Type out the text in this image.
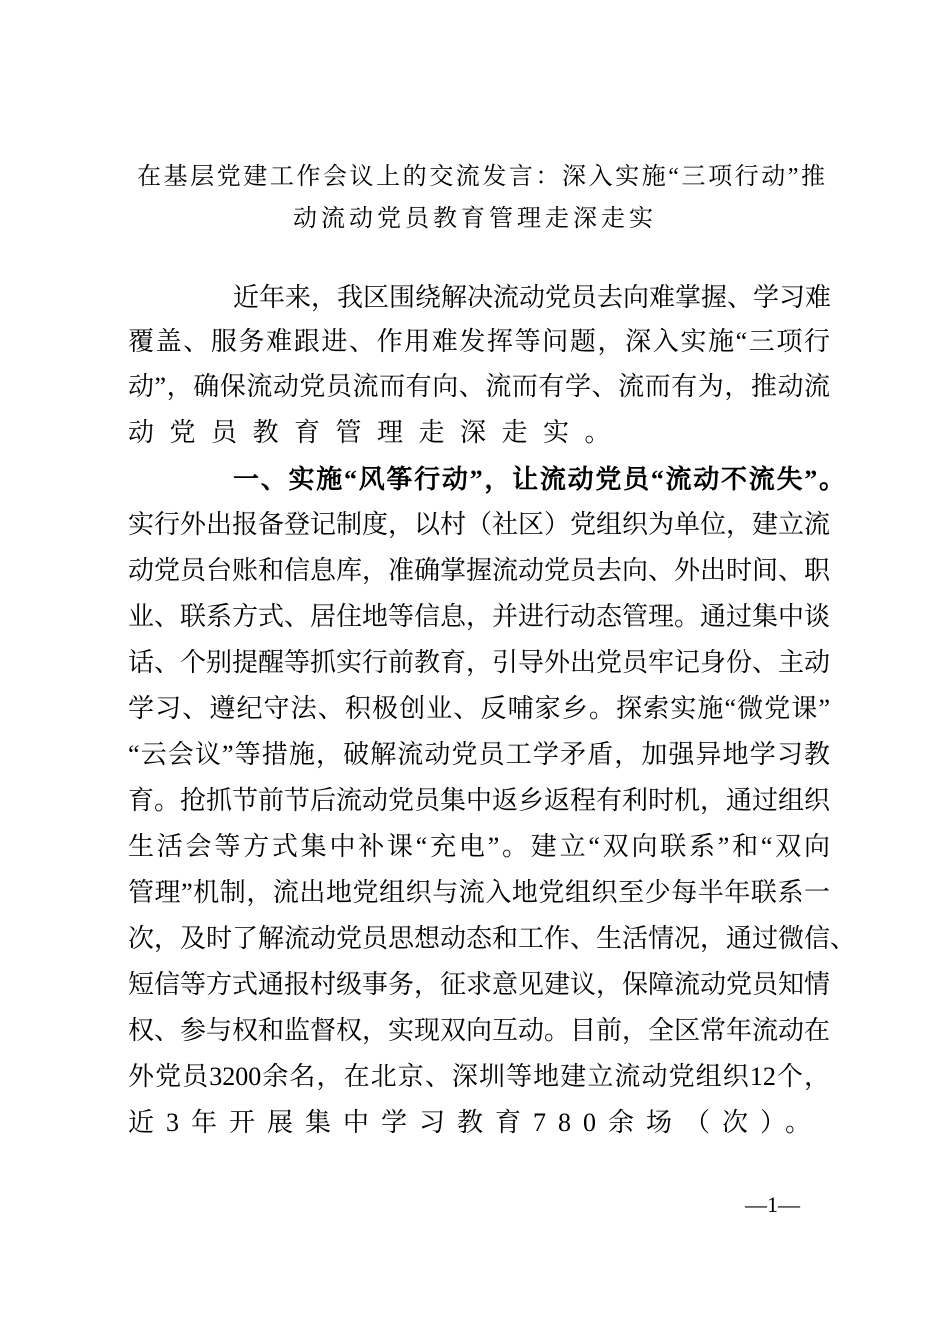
在基层党建工作会议上的交流发言：深入实施“三项行动”推
动流动党员教育管理走深走实
近年来，我区围绕解决流动党员去向难掌握、学习难
覆盖、服务难跟进、作用难发挥等问题，深入实施“三项行
动”，确保流动党员流而有向、流而有学、流而有为，推动流
动党员教育管理走深走实。
一、实施“风筝行动”，让流动党员“流动不流失”。
实行外出报备登记制度，以村（社区）党组织为单位，建立流
动党员台账和信息库，准确掌握流动党员去向、外出时间、职
业、联系方式、居住地等信息，并进行动态管理。通过集中谈
话、个别提醒等抓实行前教育，引导外出党员牢记身份、主动
学习、遵纪守法、积极创业、反哺家乡。探索实施“微党课”
“云会议”等措施，破解流动党员工学矛盾，加强异地学习教
育。抢抓节前节后流动党员集中返乡返程有利时机，通过组织
生活会等方式集中补课“充电”。建立“双向联系”和“双向
管理”机制，流出地党组织与流入地党组织至少每半年联系一
次，及时了解流动党员思想动态和工作、生活情况，通过微信、
短信等方式通报村级事务，征求意见建议，保障流动党员知情
权、参与权和监督权，实现双向互动。目前，全区常年流动在
外党员3200余名，在北京、深圳等地建立流动党组织12个，
近3年开展集中学习教育780余场（次）。
—1—
